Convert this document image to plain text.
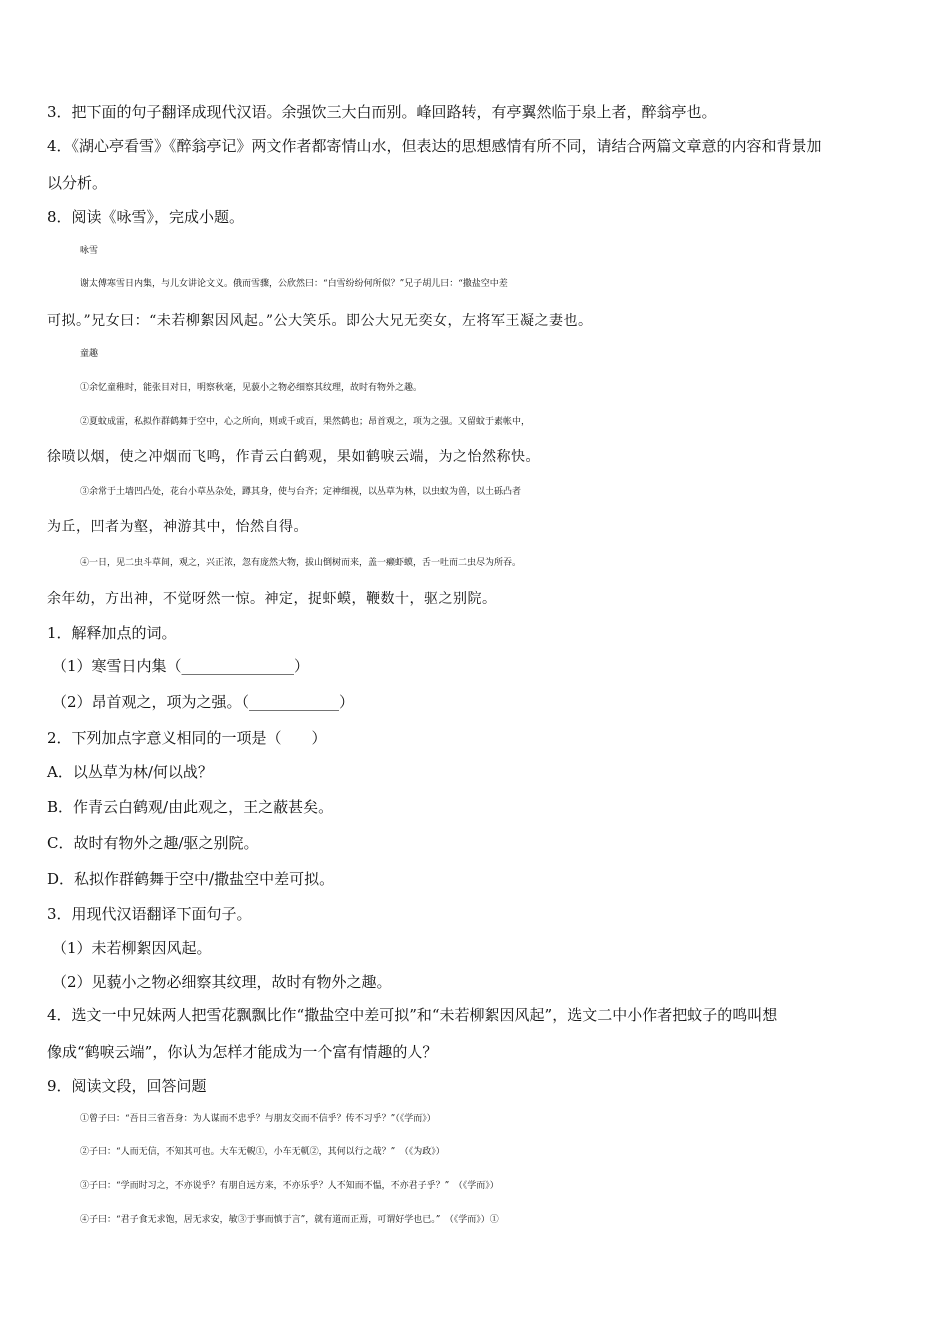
3．把下面的句子翻译成现代汉语。余强饮三大白而别。峰回路转，有亭翼然临于泉上者，醉翁亭也。
4．《湖心亭看雪》《醉翁亭记》两文作者都寄情山水，但表达的思想感情有所不同，请结合两篇文章意的内容和背景加
以分析。
8．阅读《咏雪》，完成小题。
咏雪
谢太傅寒雪日内集，与儿女讲论文义。俄而雪骤，公欣然曰：“白雪纷纷何所似？”兄子胡儿曰：“撒盐空中差
可拟。”兄女曰：“未若柳絮因风起。”公大笑乐。即公大兄无奕女，左将军王凝之妻也。
童趣
①余忆童稚时，能张目对日，明察秋毫，见藐小之物必细察其纹理，故时有物外之趣。
②夏蚊成雷，私拟作群鹤舞于空中，心之所向，则或千或百，果然鹤也；昂首观之，项为之强。又留蚊于素帐中，
徐喷以烟，使之冲烟而飞鸣，作青云白鹤观，果如鹤唳云端，为之怡然称快。
③余常于土墙凹凸处，花台小草丛杂处，蹲其身，使与台齐；定神细视，以丛草为林，以虫蚁为兽，以土砾凸者
为丘，凹者为壑，神游其中，怡然自得。
④一日，见二虫斗草间，观之，兴正浓，忽有庞然大物，拔山倒树而来，盖一癞虾蟆，舌一吐而二虫尽为所吞。
余年幼，方出神，不觉呀然一惊。神定，捉虾蟆，鞭数十，驱之别院。
1．解释加点的词。
（1）寒雪日内集（_______________）
（2）昂首观之，项为之强。（____________）
2．下列加点字意义相同的一项是（　　）
A．以丛草为林/何以战？
B．作青云白鹤观/由此观之，王之蔽甚矣。
C．故时有物外之趣/驱之别院。
D．私拟作群鹤舞于空中/撒盐空中差可拟。
3．用现代汉语翻译下面句子。
（1）未若柳絮因风起。
（2）见藐小之物必细察其纹理，故时有物外之趣。
4．选文一中兄妹两人把雪花飘飘比作“撒盐空中差可拟”和“未若柳絮因风起”，选文二中小作者把蚊子的鸣叫想
像成“鹤唳云端”，你认为怎样才能成为一个富有情趣的人？
9．阅读文段，回答问题
①曾子曰：“吾日三省吾身：为人谋而不忠乎？与朋友交而不信乎？传不习乎？”（《学而》）
②子曰：“人而无信，不知其可也。大车无輗①，小车无軏②，其何以行之哉？”　（《为政》）
③子曰：“学而时习之，不亦说乎？有朋自远方来，不亦乐乎？人不知而不愠，不亦君子乎？”　（《学而》）
④子曰：“君子食无求饱，居无求安，敏③于事而慎于言”，就有道而正焉，可谓好学也已。”　（《学而》）①
